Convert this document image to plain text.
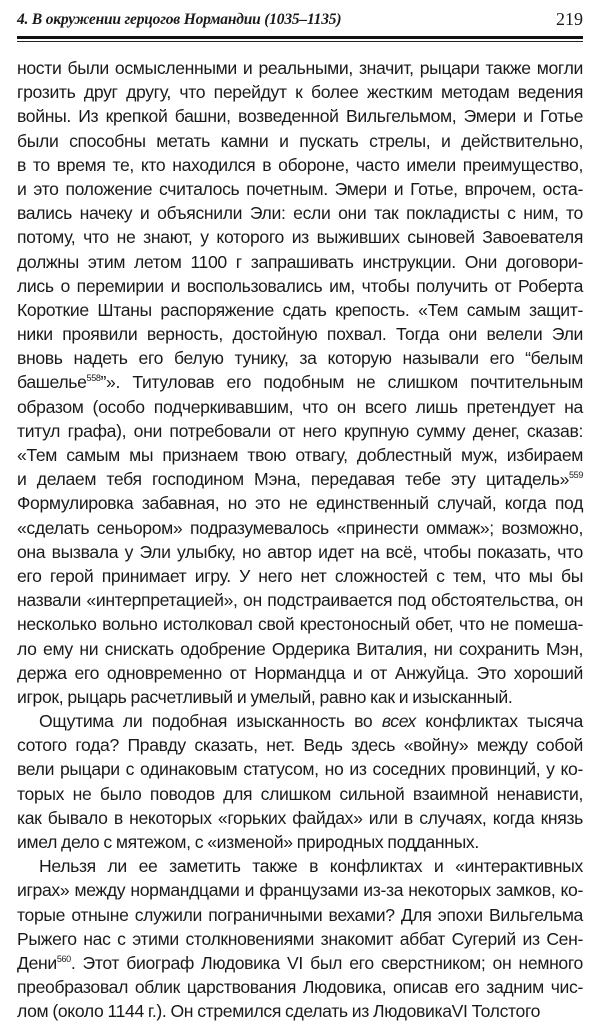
4. В окружении герцогов Нормандии (1035–1135)	219
ности были осмысленными и реальными, значит, рыцари также могли
грозить друг другу, что перейдут к более жестким методам ведения
войны. Из крепкой башни, возведенной Вильгельмом, Эмери и Готье
были способны метать камни и пускать стрелы, и действительно,
в то время те, кто находился в обороне, часто имели преимущество,
и это положение считалось почетным. Эмери и Готье, впрочем, оста-
вались начеку и объяснили Эли: если они так покладисты с ним, то
потому, что не знают, у которого из выживших сыновей Завоевателя
должны этим летом 1100 г запрашивать инструкции. Они договори-
лись о перемирии и воспользовались им, чтобы получить от Роберта
Короткие Штаны распоряжение сдать крепость. «Тем самым защит-
ники проявили верность, достойную похвал. Тогда они велели Эли
вновь надеть его белую тунику, за которую называли его “белым
башелье$^{558}$”». Титуловав его подобным не слишком почтительным
образом (особо подчеркивавшим, что он всего лишь претендует на
титул графа), они потребовали от него крупную сумму денег, сказав:
«Тем самым мы признаем твою отвагу, доблестный муж, избираем
и делаем тебя господином Мэна, передавая тебе эту цитадель»$^{559}$
Формулировка забавная, но это не единственный случай, когда под
«сделать сеньором» подразумевалось «принести оммаж»; возможно,
она вызвала у Эли улыбку, но автор идет на всё, чтобы показать, что
его герой принимает игру. У него нет сложностей с тем, что мы бы
назвали «интерпретацией», он подстраивается под обстоятельства, он
несколько вольно истолковал свой крестоносный обет, что не помеша-
ло ему ни снискать одобрение Ордерика Виталия, ни сохранить Мэн,
держа его одновременно от Нормандца и от Анжуйца. Это хороший
игрок, рыцарь расчетливый и умелый, равно как и изысканный.
Ощутима ли подобная изысканность во всех конфликтах тысяча
сотого года? Правду сказать, нет. Ведь здесь «войну» между собой
вели рыцари с одинаковым статусом, но из соседних провинций, у ко-
торых не было поводов для слишком сильной взаимной ненависти,
как бывало в некоторых «горьких файдах» или в случаях, когда князь
имел дело с мятежом, с «изменой» природных подданных.
Нельзя ли ее заметить также в конфликтах и «интерактивных
играх» между нормандцами и французами из-за некоторых замков, ко-
торые отныне служили пограничными вехами? Для эпохи Вильгельма
Рыжего нас с этими столкновениями знакомит аббат Сугерий из Сен-
Дени$^{560}$. Этот биограф Людовика VI был его сверстником; он немного
преобразовал облик царствования Людовика, описав его задним чис-
лом (около 1144 г.). Он стремился сделать из ЛюдовикаVI Толстого
